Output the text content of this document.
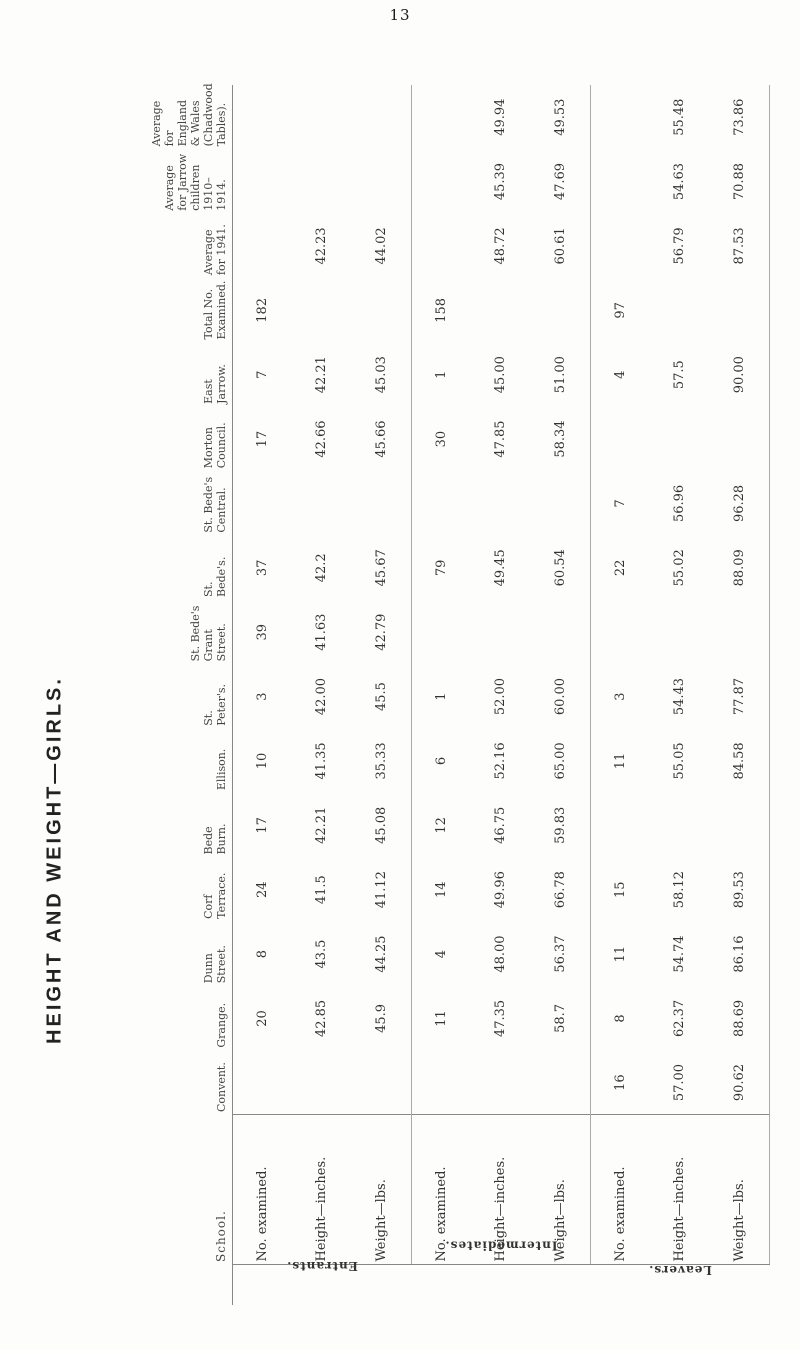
13
HEIGHT AND WEIGHT—GIRLS.
	School.	Convent.	Grange.	Dunn Street.	Corf Terrace.	Bede Burn.	Ellison.	St. Peter's.	St. Bede's Grant Street.	St. Bede's.	St. Bede's Central.	Morton Council.	East Jarrow.	Total No. Examined.	Average for 1941.	Average for Jarrow children 1910–1914.	Average for England & Wales (Chadwood Tables).
Entrants.	No. examined.		20	8	24	17	10	3	39	37		17	7	182			
	Height—inches.		42.85	43.5	41.5	42.21	41.35	42.00	41.63	42.2		42.66	42.21		42.23		
	Weight—lbs.		45.9	44.25	41.12	45.08	35.33	45.5	42.79	45.67		45.66	45.03		44.02		
Intermediates.	No. examined.		11	4	14	12	6	1		79		30	1	158			
	Height—inches.		47.35	48.00	49.96	46.75	52.16	52.00		49.45		47.85	45.00		48.72	45.39	49.94
	Weight—lbs.		58.7	56.37	66.78	59.83	65.00	60.00		60.54		58.34	51.00		60.61	47.69	49.53
Leavers.	No. examined.	16	8	11	15		11	3		22	7		4	97			
	Height—inches.	57.00	62.37	54.74	58.12		55.05	54.43		55.02	56.96		57.5		56.79	54.63	55.48
	Weight—lbs.	90.62	88.69	86.16	89.53		84.58	77.87		88.09	96.28		90.00		87.53	70.88	73.86
